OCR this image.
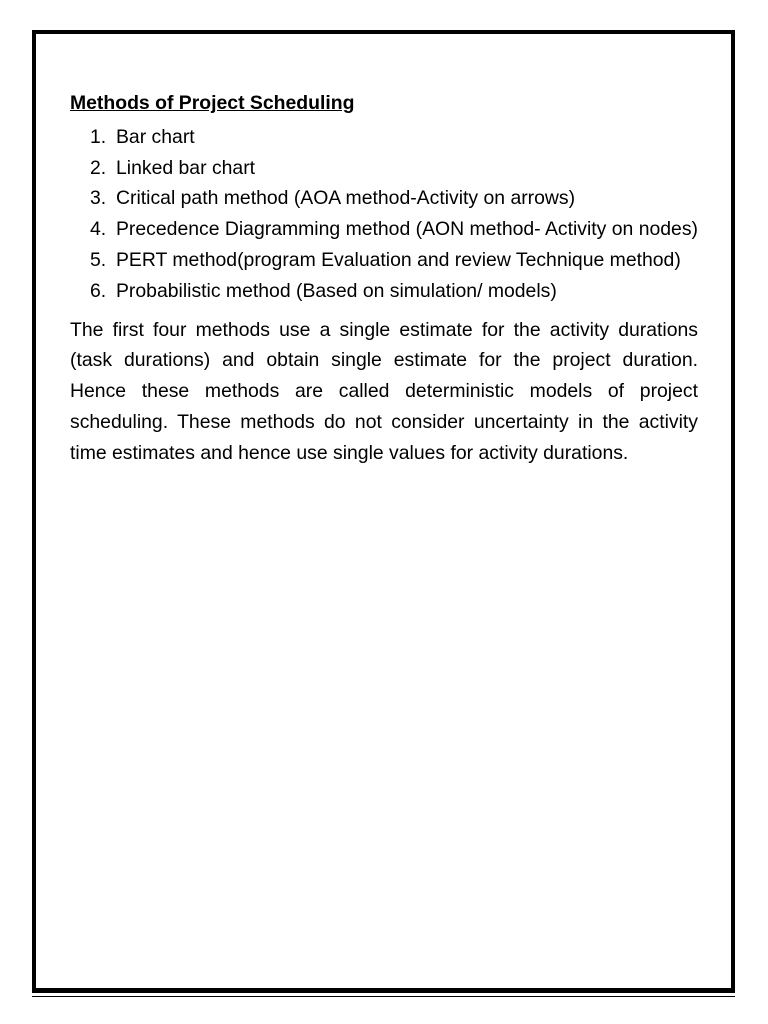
Methods of Project Scheduling

1. Bar chart
2. Linked bar chart
3. Critical path method (AOA method-Activity on arrows)
4. Precedence Diagramming method (AON method- Activity on nodes)
5. PERT method(program Evaluation and review Technique method)
6. Probabilistic method (Based on simulation/ models)

The first four methods use a single estimate for the activity durations (task durations) and obtain single estimate for the project duration. Hence these methods are called deterministic models of project scheduling. These methods do not consider uncertainty in the activity time estimates and hence use single values for activity durations.
